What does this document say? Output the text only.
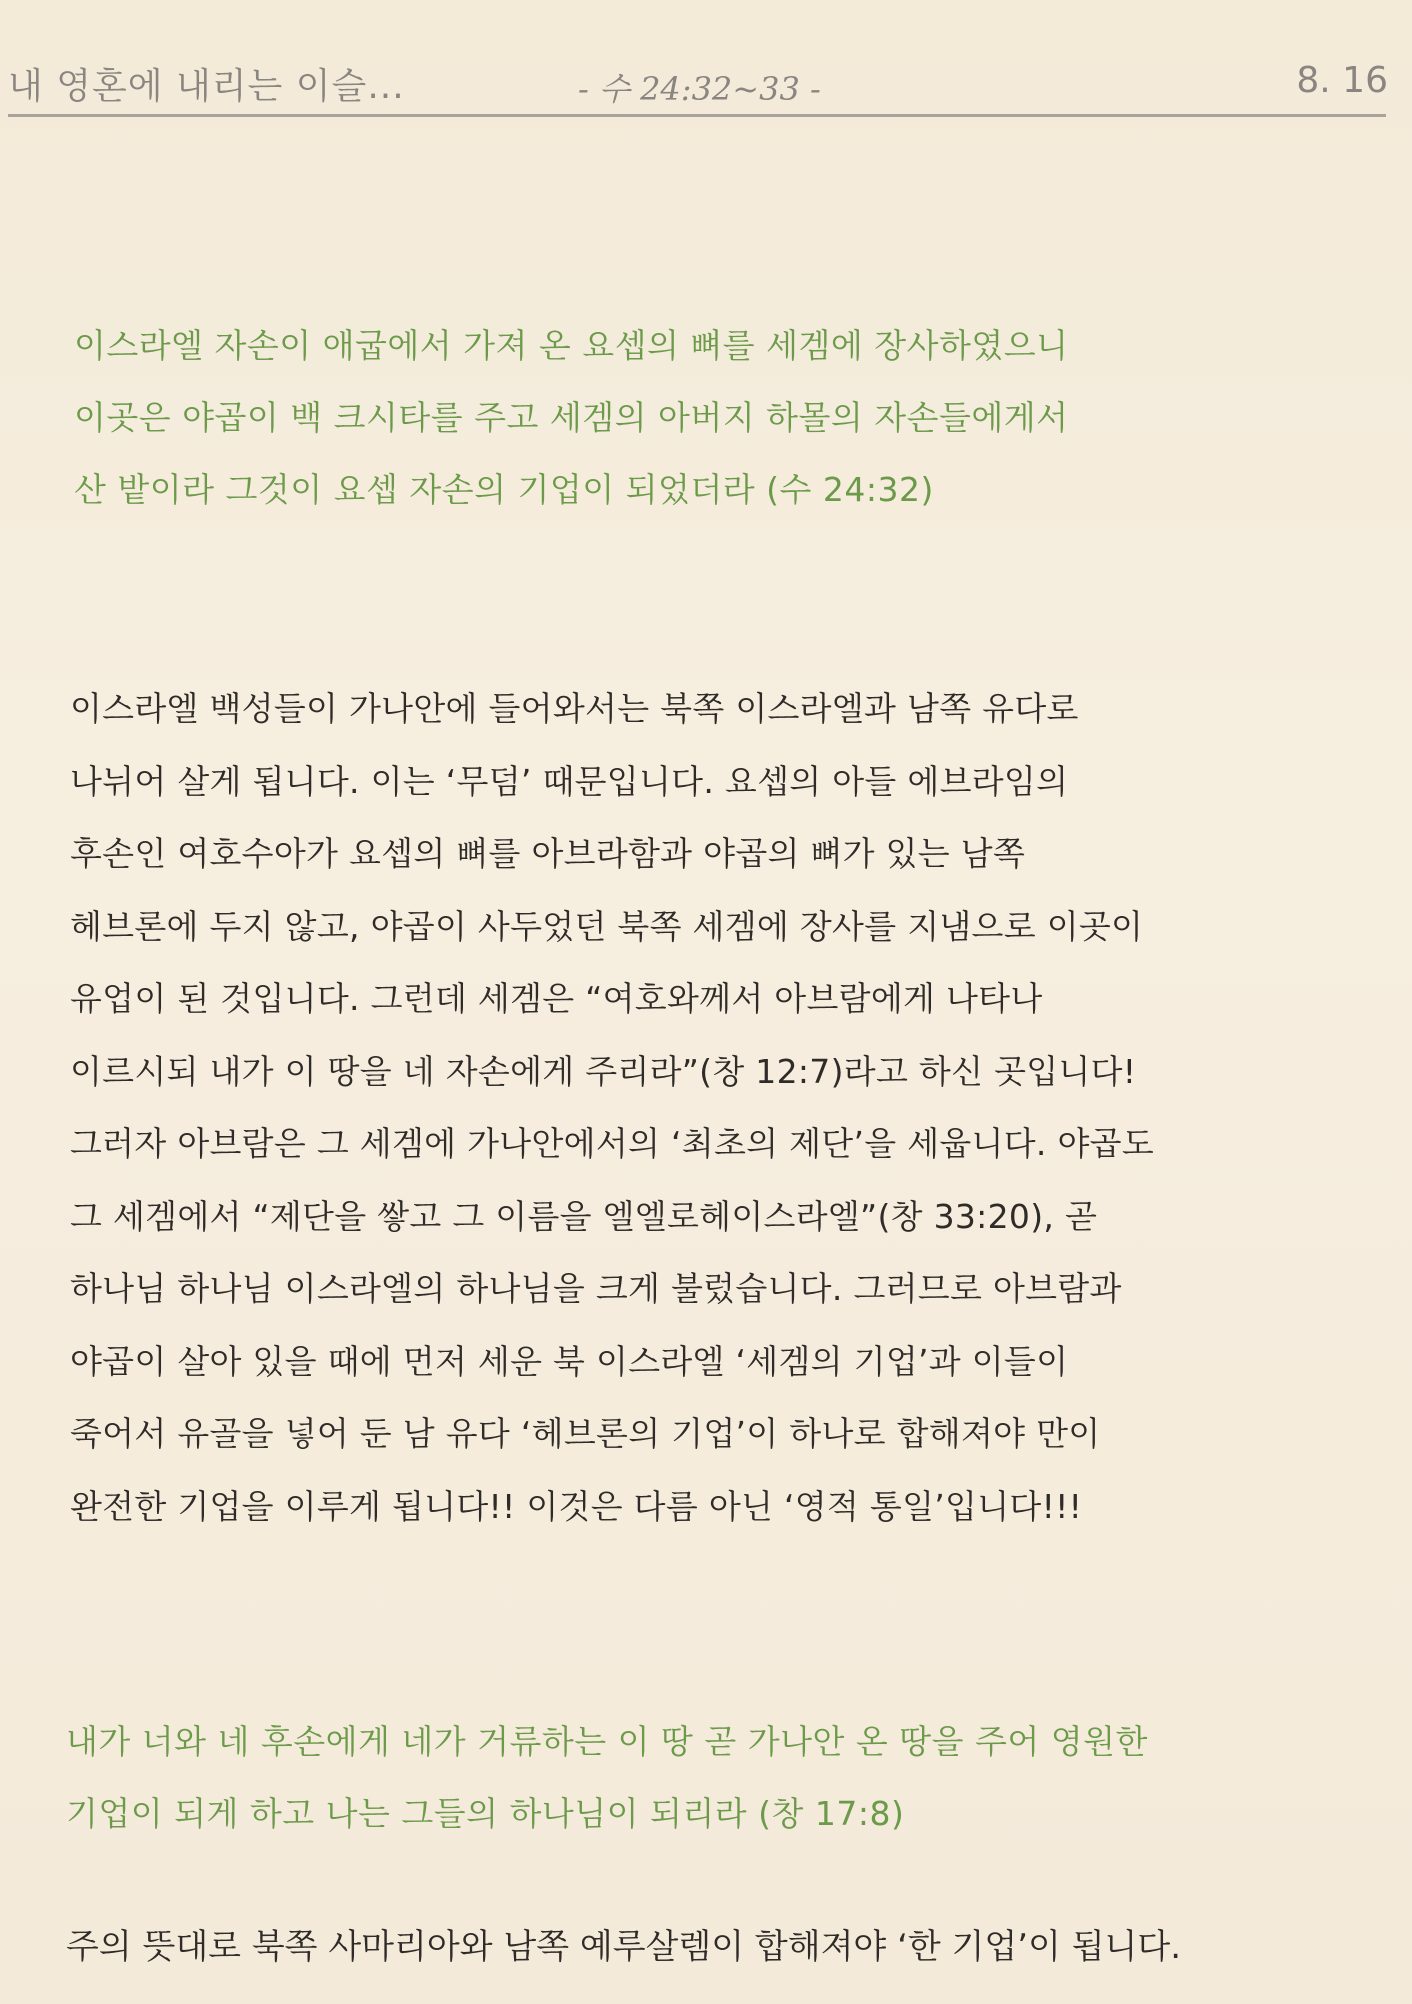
내 영혼에 내리는 이슬...	- 수 24:32~33 -	8. 16

이스라엘 자손이 애굽에서 가져 온 요셉의 뼈를 세겜에 장사하였으니

이곳은 야곱이 백 크시타를 주고 세겜의 아버지 하몰의 자손들에게서

산 밭이라 그것이 요셉 자손의 기업이 되었더라 (수 24:32)

이스라엘 백성들이 가나안에 들어와서는 북쪽 이스라엘과 남쪽 유다로

나뉘어 살게 됩니다. 이는 ‘무덤’ 때문입니다. 요셉의 아들 에브라임의

후손인 여호수아가 요셉의 뼈를 아브라함과 야곱의 뼈가 있는 남쪽

헤브론에 두지 않고, 야곱이 사두었던 북쪽 세겜에 장사를 지냄으로 이곳이

유업이 된 것입니다. 그런데 세겜은 “여호와께서 아브람에게 나타나

이르시되 내가 이 땅을 네 자손에게 주리라”(창 12:7)라고 하신 곳입니다!

그러자 아브람은 그 세겜에 가나안에서의 ‘최초의 제단’을 세웁니다. 야곱도

그 세겜에서 “제단을 쌓고 그 이름을 엘엘로헤이스라엘”(창 33:20), 곧

하나님 하나님 이스라엘의 하나님을 크게 불렀습니다. 그러므로 아브람과

야곱이 살아 있을 때에 먼저 세운 북 이스라엘 ‘세겜의 기업’과 이들이

죽어서 유골을 넣어 둔 남 유다 ‘헤브론의 기업’이 하나로 합해져야 만이

완전한 기업을 이루게 됩니다!! 이것은 다름 아닌 ‘영적 통일’입니다!!!

내가 너와 네 후손에게 네가 거류하는 이 땅 곧 가나안 온 땅을 주어 영원한

기업이 되게 하고 나는 그들의 하나님이 되리라 (창 17:8)

주의 뜻대로 북쪽 사마리아와 남쪽 예루살렘이 합해져야 ‘한 기업’이 됩니다.
